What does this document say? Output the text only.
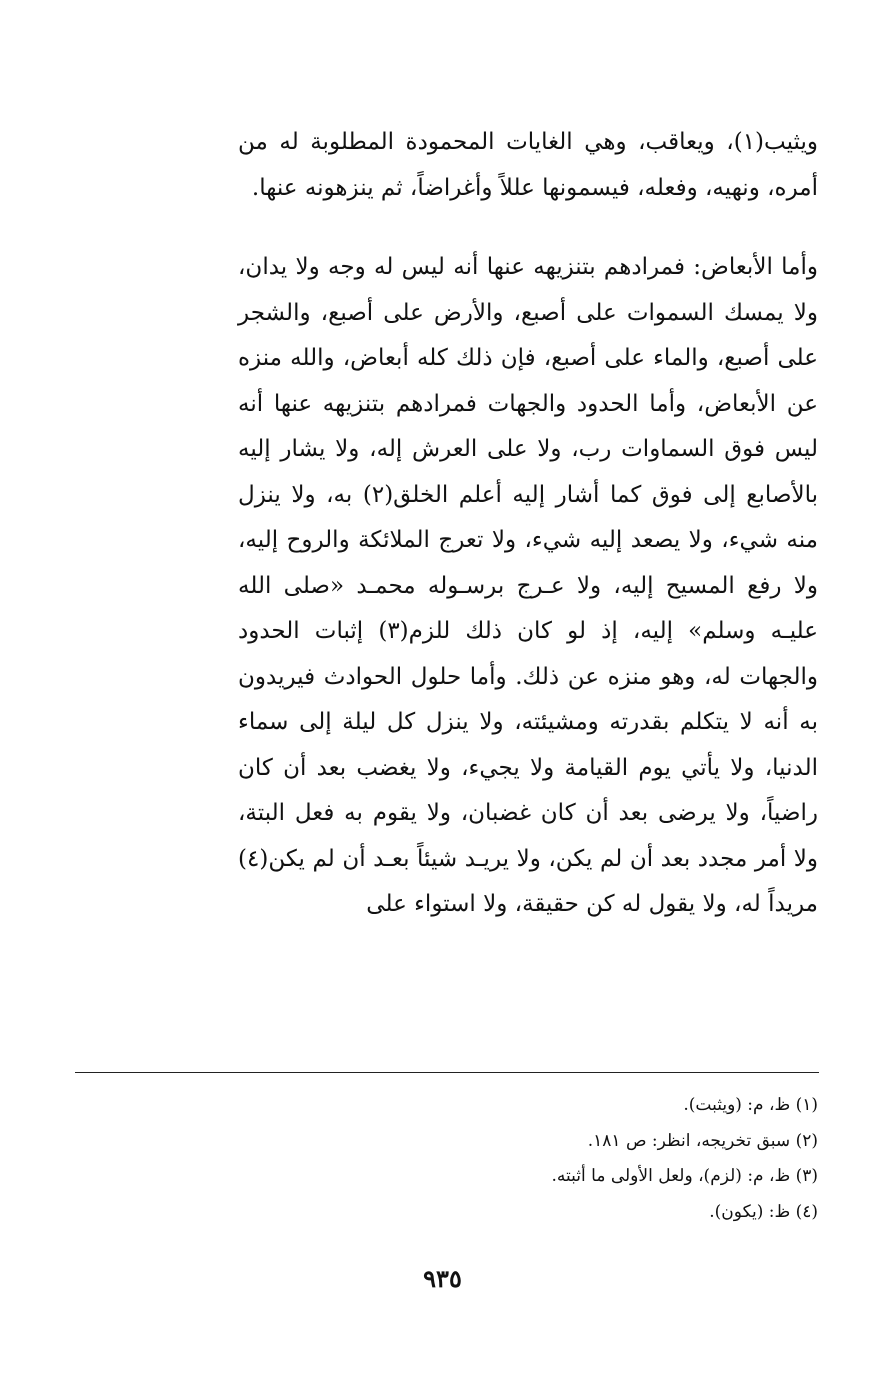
ويثيب(١)، ويعاقب، وهي الغايات المحمودة المطلوبة له من أمره، ونهيه، وفعله، فيسمونها عللاً وأغراضاً، ثم ينزهونه عنها.

وأما الأبعاض: فمرادهم بتنزيهه عنها أنه ليس له وجه ولا يدان، ولا يمسك السموات على أصبع، والأرض على أصبع، والشجر على أصبع، والماء على أصبع، فإن ذلك كله أبعاض، والله منزه عن الأبعاض، وأما الحدود والجهات فمرادهم بتنزيهه عنها أنه ليس فوق السماوات رب، ولا على العرش إله، ولا يشار إليه بالأصابع إلى فوق كما أشار إليه أعلم الخلق(٢) به، ولا ينزل منه شيء، ولا يصعد إليه شيء، ولا تعرج الملائكة والروح إليه، ولا رفع المسيح إليه، ولا عـرج برسـوله محمـد «صلى الله عليـه وسلم» إليه، إذ لو كان ذلك للزم(٣) إثبات الحدود والجهات له، وهو منزه عن ذلك. وأما حلول الحوادث فيريدون به أنه لا يتكلم بقدرته ومشيئته، ولا ينزل كل ليلة إلى سماء الدنيا، ولا يأتي يوم القيامة ولا يجيء، ولا يغضب بعد أن كان راضياً، ولا يرضى بعد أن كان غضبان، ولا يقوم به فعل البتة، ولا أمر مجدد بعد أن لم يكن، ولا يريـد شيئاً بعـد أن لم يكن(٤) مريداً له، ولا يقول له كن حقيقة، ولا استواء على

(١) ظ، م: (ويثبت).
(٢) سبق تخريجه، انظر: ص ١٨١.
(٣) ظ، م: (لزم)، ولعل الأولى ما أثبته.
(٤) ظ: (يكون).
٩٣٥
